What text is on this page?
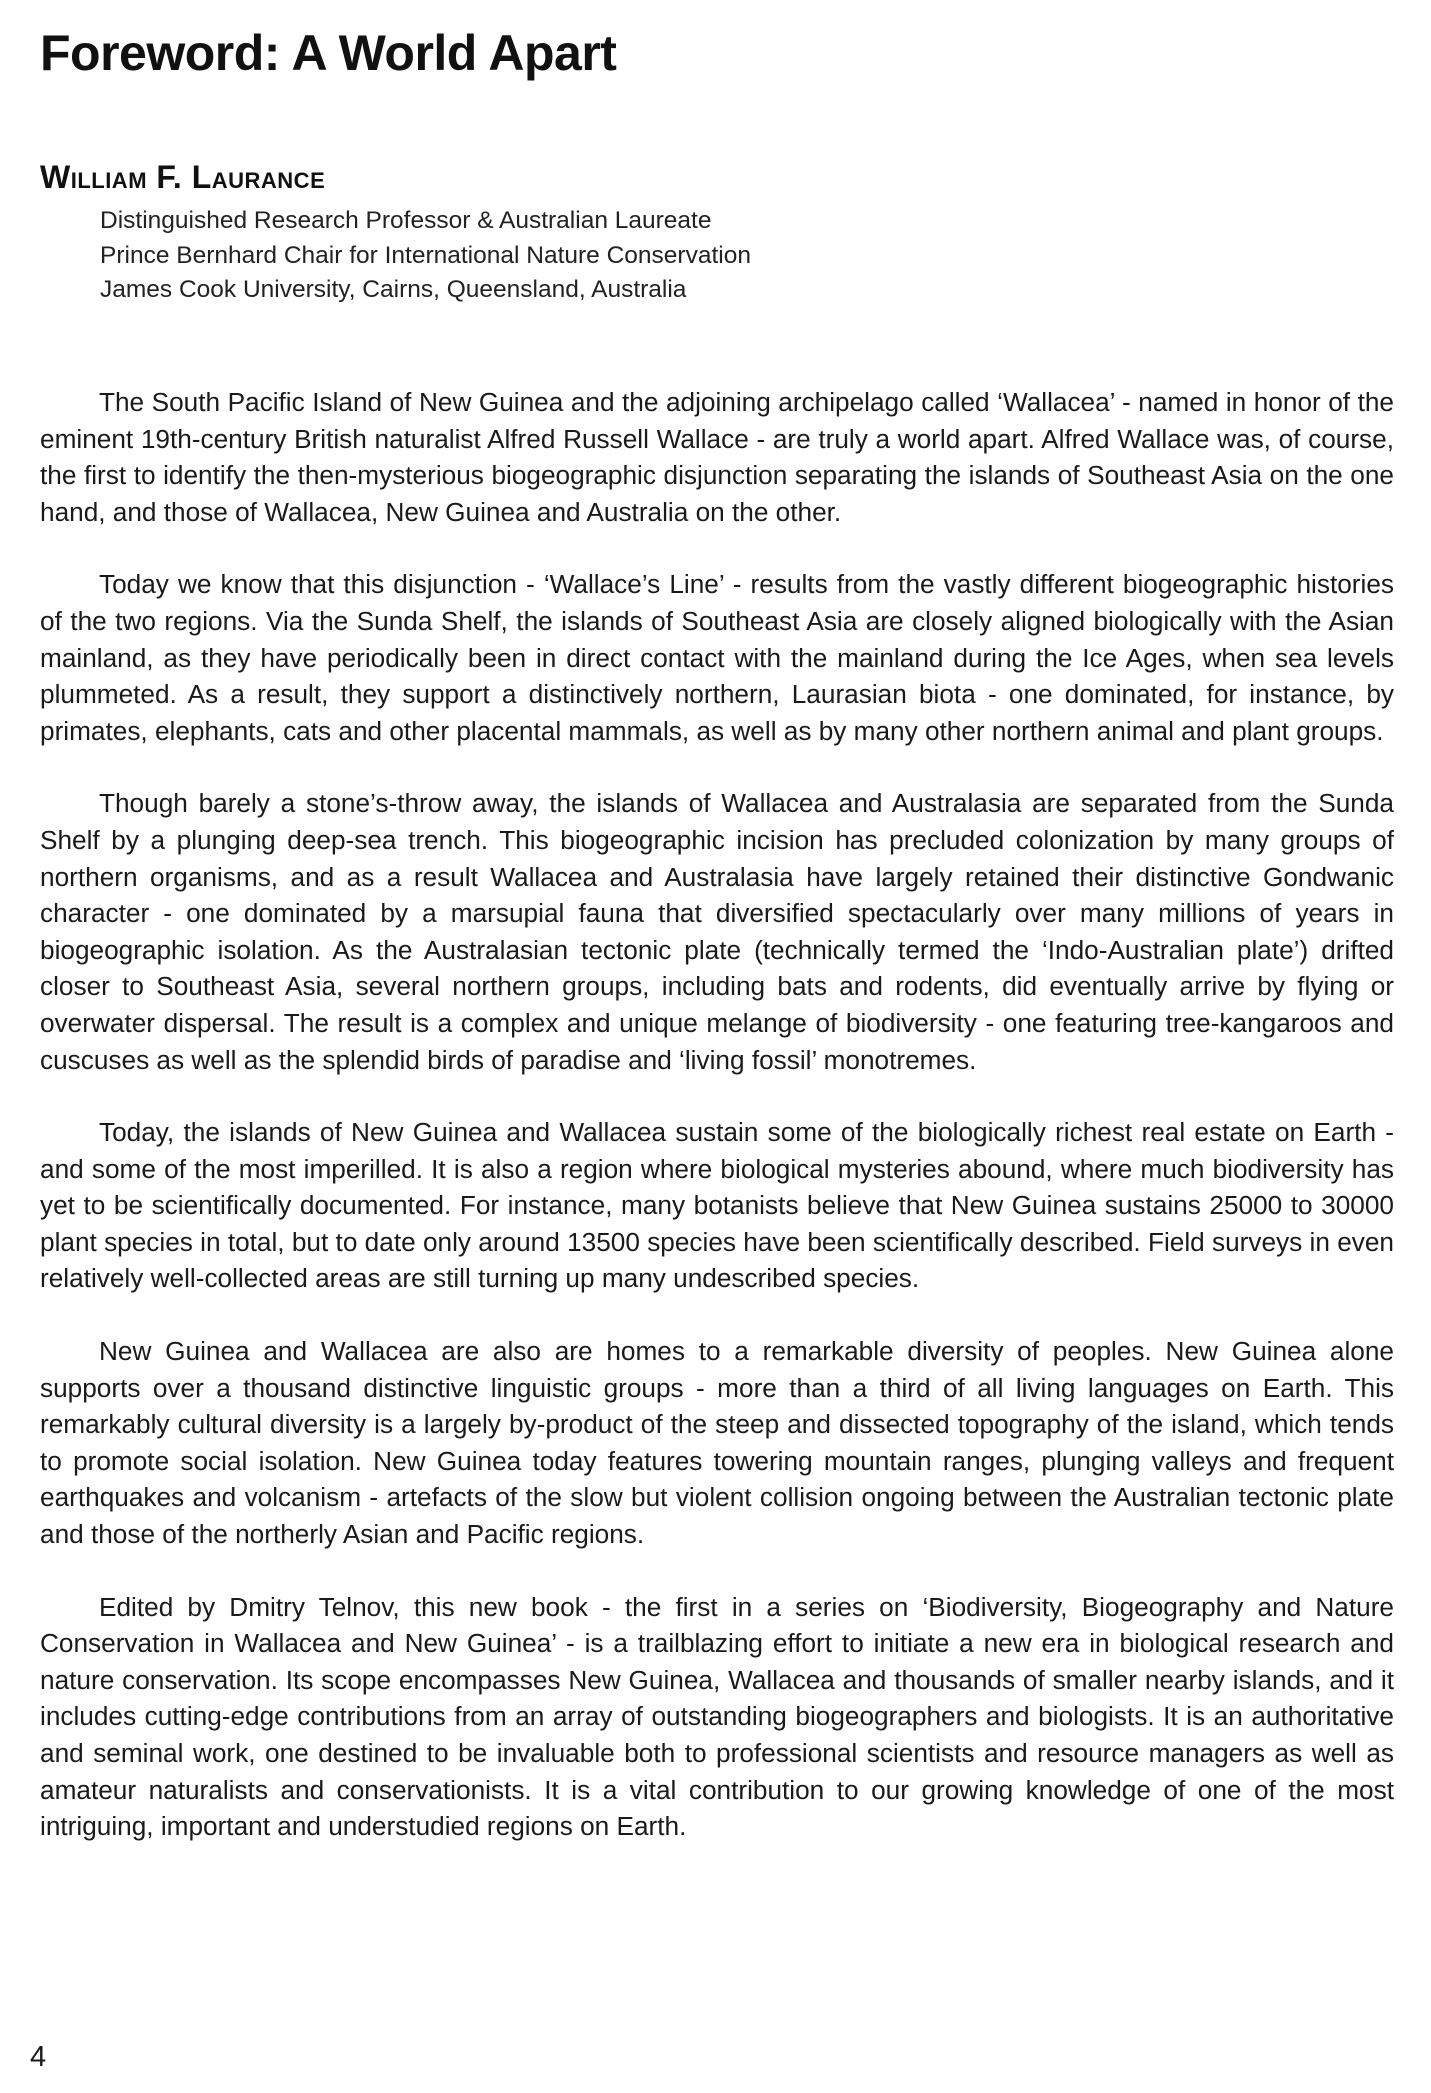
Foreword: A World Apart
William F. Laurance
Distinguished Research Professor & Australian Laureate
Prince Bernhard Chair for International Nature Conservation
James Cook University, Cairns, Queensland, Australia

The South Pacific Island of New Guinea and the adjoining archipelago called ‘Wallacea’ - named in honor of the eminent 19th-century British naturalist Alfred Russell Wallace - are truly a world apart. Alfred Wallace was, of course, the first to identify the then-mysterious biogeographic disjunction separating the islands of Southeast Asia on the one hand, and those of Wallacea, New Guinea and Australia on the other.

Today we know that this disjunction - ‘Wallace’s Line’ - results from the vastly different biogeographic histories of the two regions. Via the Sunda Shelf, the islands of Southeast Asia are closely aligned biologically with the Asian mainland, as they have periodically been in direct contact with the mainland during the Ice Ages, when sea levels plummeted. As a result, they support a distinctively northern, Laurasian biota - one dominated, for instance, by primates, elephants, cats and other placental mammals, as well as by many other northern animal and plant groups.

Though barely a stone’s-throw away, the islands of Wallacea and Australasia are separated from the Sunda Shelf by a plunging deep-sea trench. This biogeographic incision has precluded colonization by many groups of northern organisms, and as a result Wallacea and Australasia have largely retained their distinctive Gondwanic character - one dominated by a marsupial fauna that diversified spectacularly over many millions of years in biogeographic isolation. As the Australasian tectonic plate (technically termed the ‘Indo-Australian plate’) drifted closer to Southeast Asia, several northern groups, including bats and rodents, did eventually arrive by flying or overwater dispersal. The result is a complex and unique melange of biodiversity - one featuring tree-kangaroos and cuscuses as well as the splendid birds of paradise and ‘living fossil’ monotremes.

Today, the islands of New Guinea and Wallacea sustain some of the biologically richest real estate on Earth - and some of the most imperilled. It is also a region where biological mysteries abound, where much biodiversity has yet to be scientifically documented. For instance, many botanists believe that New Guinea sustains 25000 to 30000 plant species in total, but to date only around 13500 species have been scientifically described. Field surveys in even relatively well-collected areas are still turning up many undescribed species.

New Guinea and Wallacea are also are homes to a remarkable diversity of peoples. New Guinea alone supports over a thousand distinctive linguistic groups - more than a third of all living languages on Earth. This remarkably cultural diversity is a largely by-product of the steep and dissected topography of the island, which tends to promote social isolation. New Guinea today features towering mountain ranges, plunging valleys and frequent earthquakes and volcanism - artefacts of the slow but violent collision ongoing between the Australian tectonic plate and those of the northerly Asian and Pacific regions.

Edited by Dmitry Telnov, this new book - the first in a series on ‘Biodiversity, Biogeography and Nature Conservation in Wallacea and New Guinea’ - is a trailblazing effort to initiate a new era in biological research and nature conservation. Its scope encompasses New Guinea, Wallacea and thousands of smaller nearby islands, and it includes cutting-edge contributions from an array of outstanding biogeographers and biologists. It is an authoritative and seminal work, one destined to be invaluable both to professional scientists and resource managers as well as amateur naturalists and conservationists. It is a vital contribution to our growing knowledge of one of the most intriguing, important and understudied regions on Earth.

4
